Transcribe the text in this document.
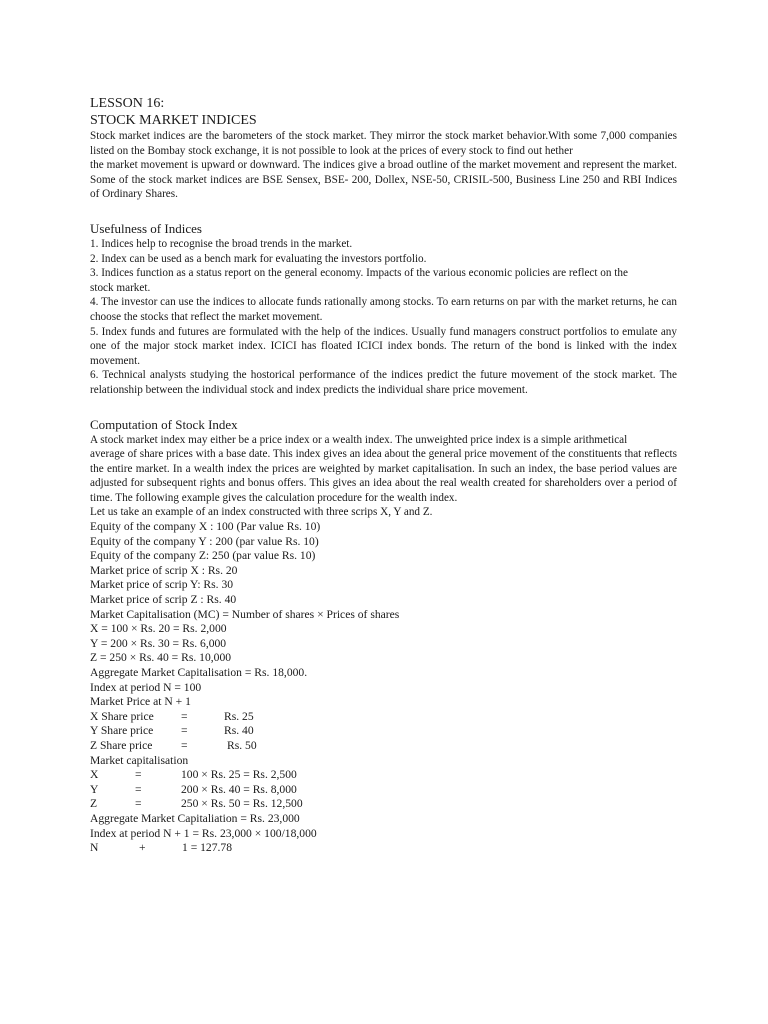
LESSON 16:

STOCK MARKET INDICES

Stock market indices are the barometers of the stock market. They mirror the stock market behavior.With some 7,000 companies listed on the Bombay stock exchange, it is not possible to look at the prices of every stock to find out hether

the market movement is upward or downward. The indices give a broad outline of the market movement and represent the market. Some of the stock market indices are BSE Sensex, BSE- 200, Dollex, NSE-50, CRISIL-500, Business Line 250 and RBI Indices of Ordinary Shares.

Usefulness of Indices

1. Indices help to recognise the broad trends in the market.

2. Index can be used as a bench mark for evaluating the investors portfolio.

3. Indices function as a status report on the general economy. Impacts of the various economic policies are reflect on the

stock market.

4. The investor can use the indices to allocate funds rationally among stocks. To earn returns on par with the market returns, he can choose the stocks that reflect the market movement.

5. Index funds and futures are formulated with the help of the indices. Usually fund managers construct portfolios to emulate any one of the major stock market index. ICICI has floated ICICI index bonds. The return of the bond is linked with the index movement.

6. Technical analysts studying the hostorical performance of the indices predict the future movement of the stock market. The relationship between the individual stock and index predicts the individual share price movement.

Computation of Stock Index

A stock market index may either be a price index or a wealth index. The unweighted price index is a simple arithmetical

average of share prices with a base date. This index gives an idea about the general price movement of the constituents that reflects the entire market. In a wealth index the prices are weighted by market capitalisation. In such an index, the base period values are adjusted for subsequent rights and bonus offers. This gives an idea about the real wealth created for shareholders over a period of time. The following example gives the calculation procedure for the wealth index.

Let us take an example of an index constructed with three scrips X, Y and Z.

Equity of the company X : 100 (Par value Rs. 10)

Equity of the company Y : 200 (par value Rs. 10)

Equity of the company Z: 250 (par value Rs. 10)

Market price of scrip X : Rs. 20

Market price of scrip Y: Rs. 30

Market price of scrip Z : Rs. 40

Market Capitalisation (MC) = Number of shares × Prices of shares

X = 100 × Rs. 20 = Rs. 2,000

Y = 200 × Rs. 30 = Rs. 6,000

Z = 250 × Rs. 40 = Rs. 10,000

Aggregate Market Capitalisation = Rs. 18,000.

Index at period N = 100

Market Price at N + 1

X Share price =	Rs. 25
Y Share price =	Rs. 40
Z Share price =	Rs. 50

Market capitalisation

X	=	100 × Rs. 25 = Rs. 2,500
Y	=	200 × Rs. 40 = Rs. 8,000
Z	=	250 × Rs. 50 = Rs. 12,500

Aggregate Market Capitaliation = Rs. 23,000

Index at period N + 1 = Rs. 23,000 × 100/18,000

N	+	1 = 127.78
